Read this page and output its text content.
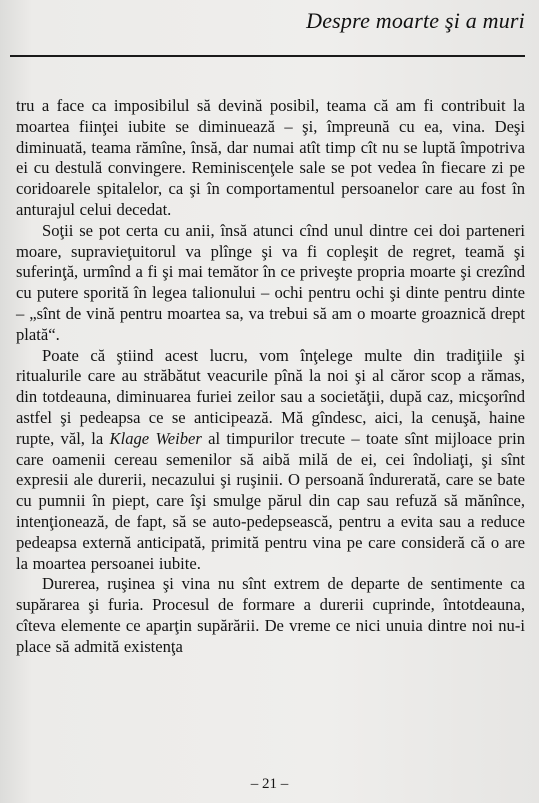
Despre moarte şi a muri

tru a face ca imposibilul să devină posibil, teama că am fi contribuit la moartea fiinţei iubite se diminuează – şi, împreună cu ea, vina. Deşi diminuată, teama rămîne, însă, dar numai atît timp cît nu se luptă împotriva ei cu destulă convingere. Reminiscenţele sale se pot vedea în fiecare zi pe coridoarele spitalelor, ca şi în comportamentul persoanelor care au fost în anturajul celui decedat.

Soţii se pot certa cu anii, însă atunci cînd unul dintre cei doi parteneri moare, supravieţuitorul va plînge şi va fi copleşit de regret, teamă şi suferinţă, urmînd a fi şi mai temător în ce priveşte propria moarte şi crezînd cu putere sporită în legea talionului – ochi pentru ochi şi dinte pentru dinte – „sînt de vină pentru moartea sa, va trebui să am o moarte groaznică drept plată“.

Poate că ştiind acest lucru, vom înţelege multe din tradiţiile şi ritualurile care au străbătut veacurile pînă la noi şi al căror scop a rămas, din totdeauna, diminuarea furiei zeilor sau a societăţii, după caz, micşorînd astfel şi pedeapsa ce se anticipează. Mă gîndesc, aici, la cenuşă, haine rupte, văl, la Klage Weiber al timpurilor trecute – toate sînt mijloace prin care oamenii cereau semenilor să aibă milă de ei, cei îndoliaţi, şi sînt expresii ale durerii, necazului şi ruşinii. O persoană îndurerată, care se bate cu pumnii în piept, care îşi smulge părul din cap sau refuză să mănînce, intenţionează, de fapt, să se auto-pedepsească, pentru a evita sau a reduce pedeapsa externă anticipată, primită pentru vina pe care consideră că o are la moartea persoanei iubite.

Durerea, ruşinea şi vina nu sînt extrem de departe de sentimente ca supărarea şi furia. Procesul de formare a durerii cuprinde, întotdeauna, cîteva elemente ce aparţin supărării. De vreme ce nici unuia dintre noi nu-i place să admită existenţa

– 21 –
